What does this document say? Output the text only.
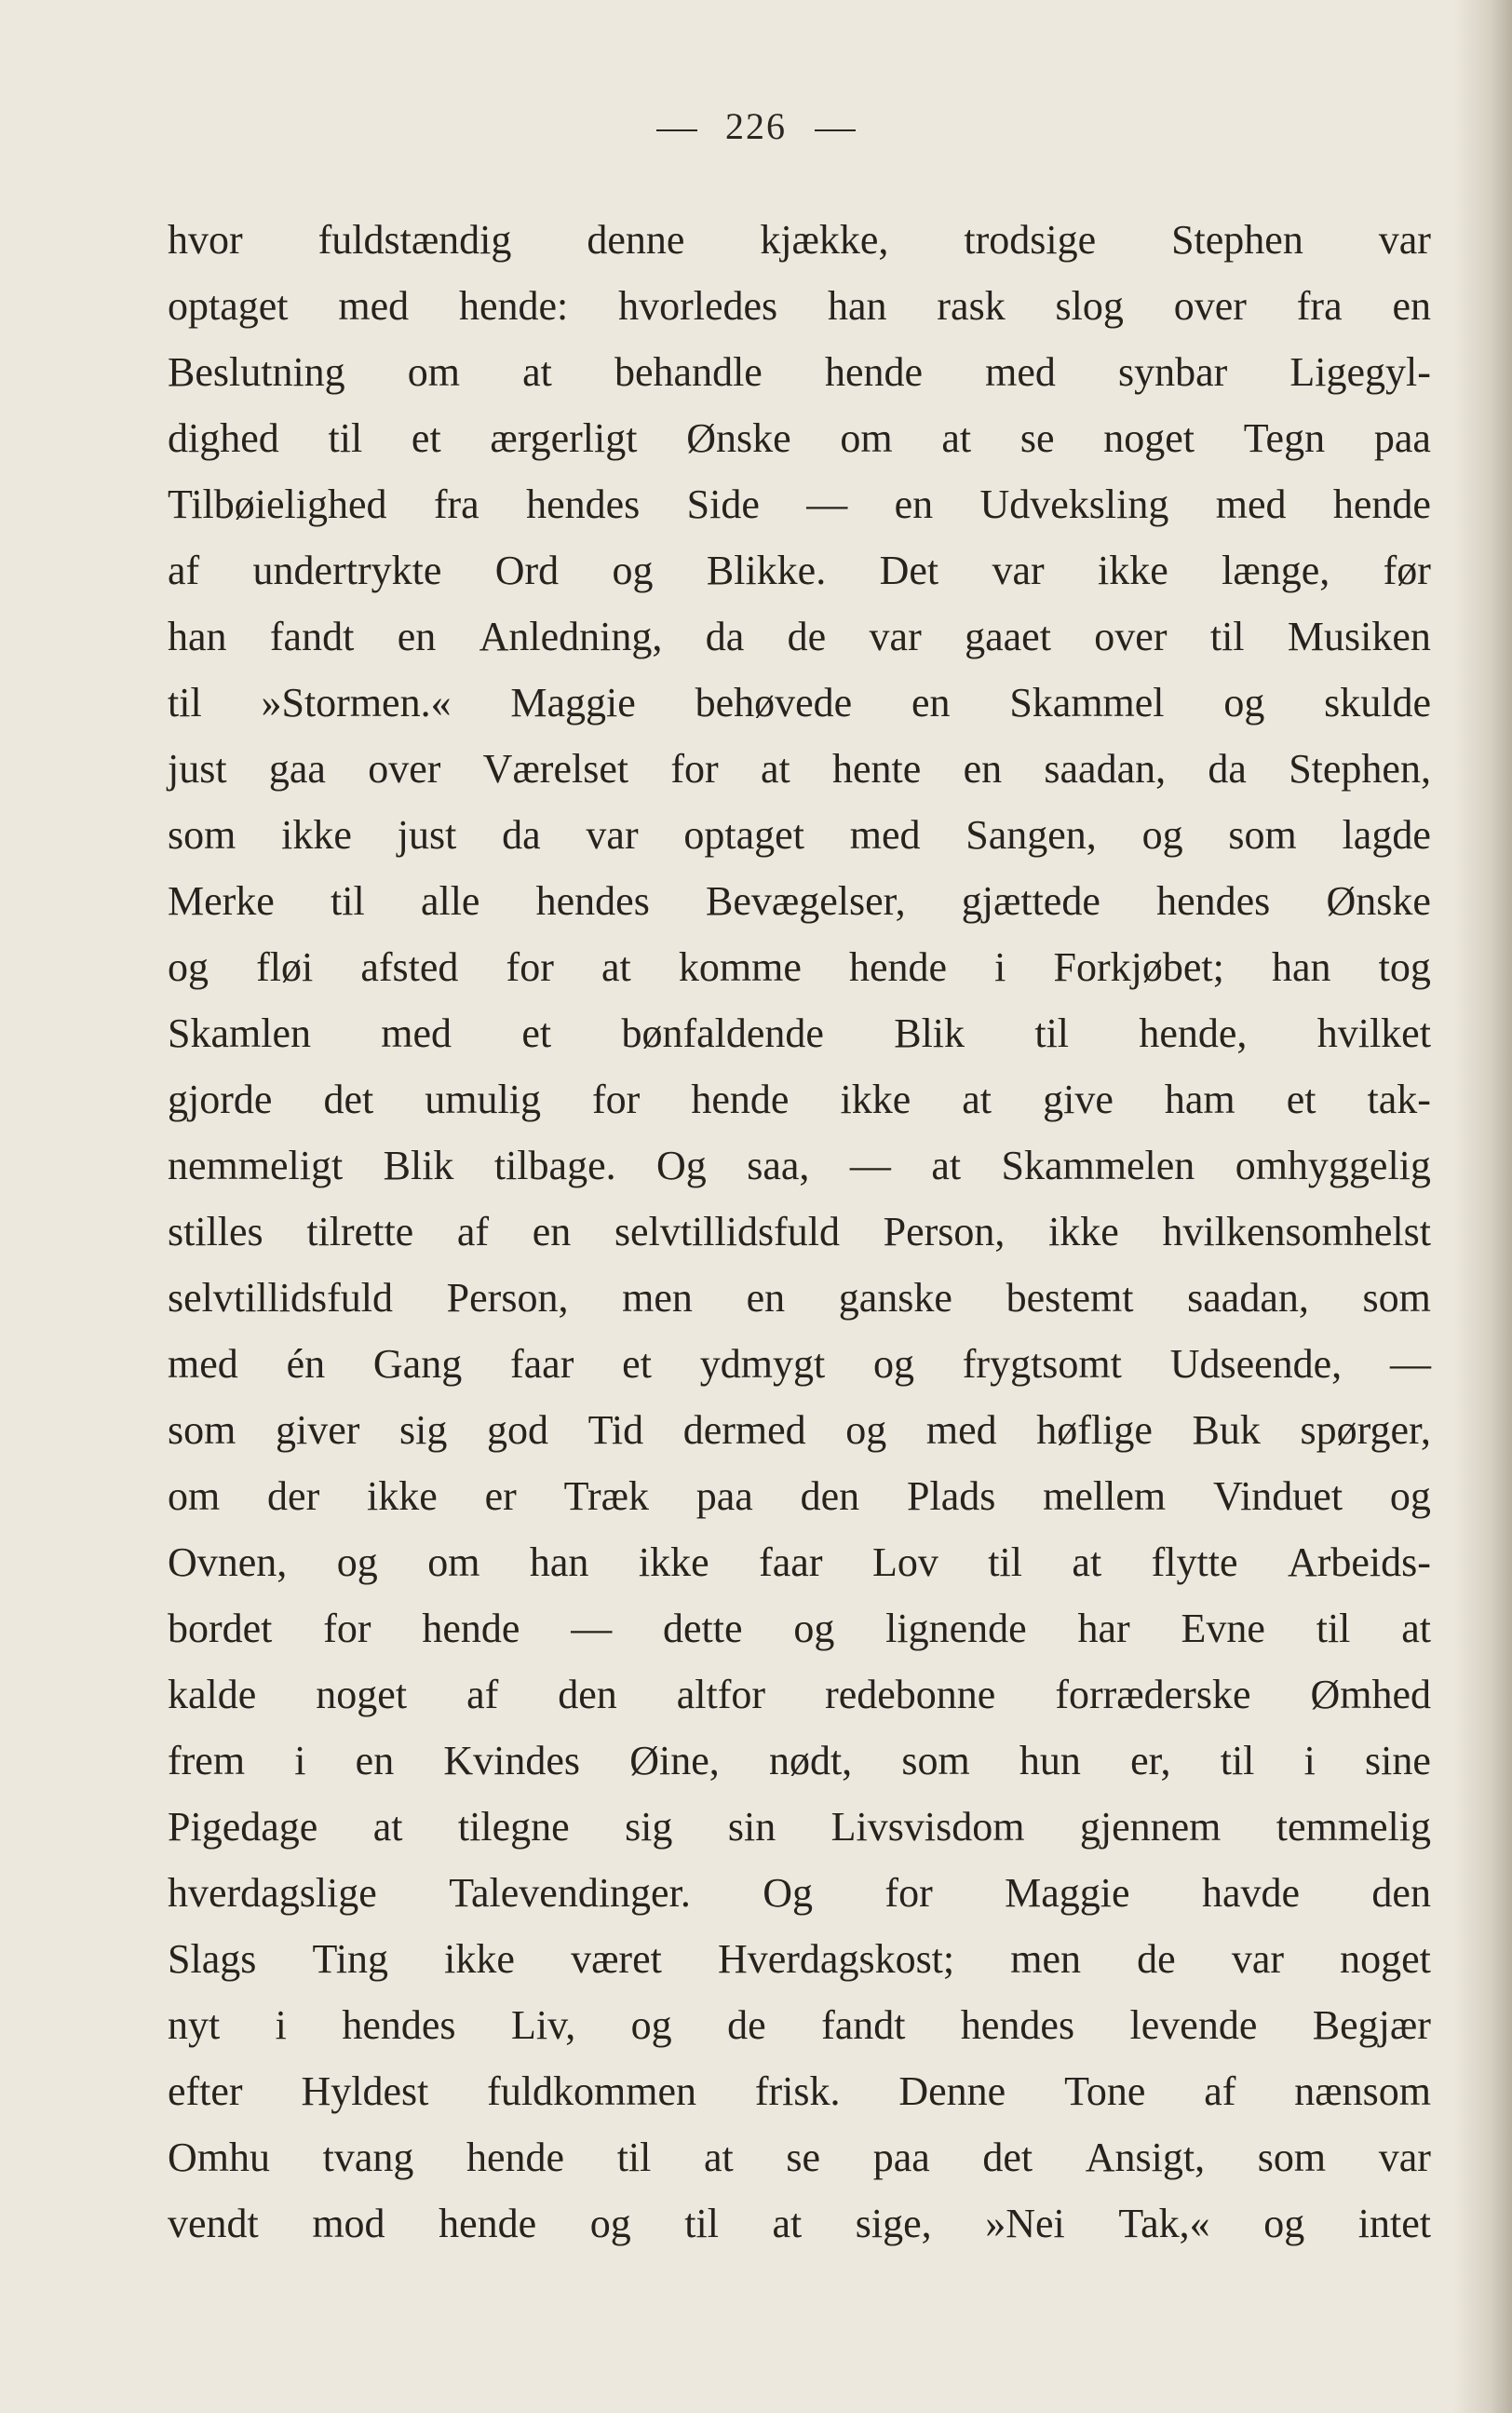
226
hvor fuldstændig denne kjække, trodsige Stephen var
optaget med hende: hvorledes han rask slog over fra en
Beslutning om at behandle hende med synbar Ligegyl-
dighed til et ærgerligt Ønske om at se noget Tegn paa
Tilbøielighed fra hendes Side — en Udveksling med hende
af undertrykte Ord og Blikke. Det var ikke længe, før
han fandt en Anledning, da de var gaaet over til Musiken
til »Stormen.« Maggie behøvede en Skammel og skulde
just gaa over Værelset for at hente en saadan, da Stephen,
som ikke just da var optaget med Sangen, og som lagde
Merke til alle hendes Bevægelser, gjættede hendes Ønske
og fløi afsted for at komme hende i Forkjøbet; han tog
Skamlen med et bønfaldende Blik til hende, hvilket
gjorde det umulig for hende ikke at give ham et tak-
nemmeligt Blik tilbage. Og saa, — at Skammelen omhyggelig
stilles tilrette af en selvtillidsfuld Person, ikke hvilkensomhelst
selvtillidsfuld Person, men en ganske bestemt saadan, som
med én Gang faar et ydmygt og frygtsomt Udseende, —
som giver sig god Tid dermed og med høflige Buk spørger,
om der ikke er Træk paa den Plads mellem Vinduet og
Ovnen, og om han ikke faar Lov til at flytte Arbeids-
bordet for hende — dette og lignende har Evne til at
kalde noget af den altfor redebonne forræderske Ømhed
frem i en Kvindes Øine, nødt, som hun er, til i sine
Pigedage at tilegne sig sin Livsvisdom gjennem temmelig
hverdagslige Talevendinger. Og for Maggie havde den
Slags Ting ikke været Hverdagskost; men de var noget
nyt i hendes Liv, og de fandt hendes levende Begjær
efter Hyldest fuldkommen frisk. Denne Tone af nænsom
Omhu tvang hende til at se paa det Ansigt, som var
vendt mod hende og til at sige, »Nei Tak,« og intet
